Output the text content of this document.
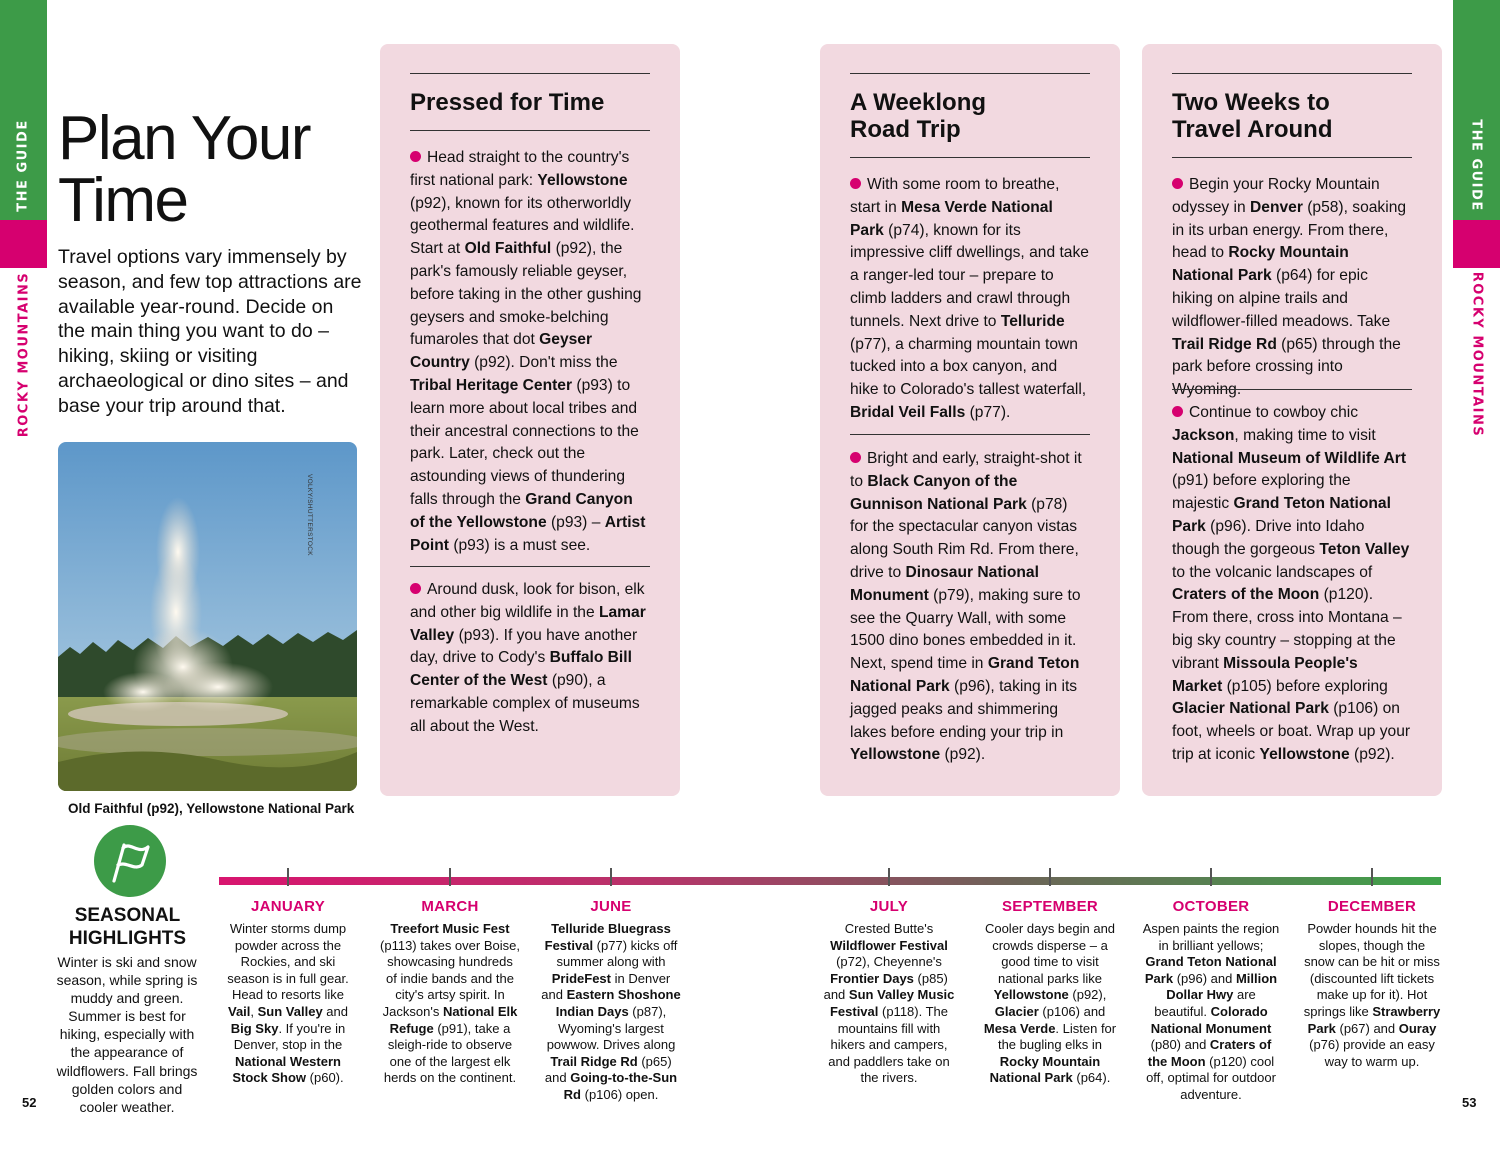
THE GUIDE
ROCKY MOUNTAINS
THE GUIDE
ROCKY MOUNTAINS
Plan Your
Time

Travel options vary immensely by season, and few top attractions are available year-round. Decide on the main thing you want to do – hiking, skiing or visiting archaeological or dino sites – and base your trip around that.

VOLKY/SHUTTERSTOCK
Old Faithful (p92), Yellowstone National Park
Pressed for Time

Head straight to the country's first national park: Yellowstone (p92), known for its otherworldly geothermal features and wildlife. Start at Old Faithful (p92), the park's famously reliable geyser, before taking in the other gushing geysers and smoke-belching fumaroles that dot Geyser Country (p92). Don't miss the Tribal Heritage Center (p93) to learn more about local tribes and their ancestral connections to the park. Later, check out the astounding views of thundering falls through the Grand Canyon of the Yellowstone (p93) – Artist Point (p93) is a must see.

Around dusk, look for bison, elk and other big wildlife in the Lamar Valley (p93). If you have another day, drive to Cody's Buffalo Bill Center of the West (p90), a remarkable complex of museums all about the West.

A Weeklong
Road Trip

With some room to breathe, start in Mesa Verde National Park (p74), known for its impressive cliff dwellings, and take a ranger-led tour – prepare to climb ladders and crawl through tunnels. Next drive to Telluride (p77), a charming mountain town tucked into a box canyon, and hike to Colorado's tallest waterfall, Bridal Veil Falls (p77).

Bright and early, straight-shot it to Black Canyon of the Gunnison National Park (p78) for the spectacular canyon vistas along South Rim Rd. From there, drive to Dinosaur National Monument (p79), making sure to see the Quarry Wall, with some 1500 dino bones embedded in it. Next, spend time in Grand Teton National Park (p96), taking in its jagged peaks and shimmering lakes before ending your trip in Yellowstone (p92).

Two Weeks to
Travel Around

Begin your Rocky Mountain odyssey in Denver (p58), soaking in its urban energy. From there, head to Rocky Mountain National Park (p64) for epic hiking on alpine trails and wildflower-filled meadows. Take Trail Ridge Rd (p65) through the park before crossing into Wyoming.

Continue to cowboy chic Jackson, making time to visit National Museum of Wildlife Art (p91) before exploring the majestic Grand Teton National Park (p96). Drive into Idaho though the gorgeous Teton Valley to the volcanic landscapes of Craters of the Moon (p120). From there, cross into Montana – big sky country – stopping at the vibrant Missoula People's Market (p105) before exploring Glacier National Park (p106) on foot, wheels or boat. Wrap up your trip at iconic Yellowstone (p92).

SEASONAL
HIGHLIGHTS
Winter is ski and snow season, while spring is muddy and green. Summer is best for hiking, especially with the appearance of wildflowers. Fall brings golden colors and cooler weather.
JANUARY
Winter storms dump powder across the Rockies, and ski season is in full gear. Head to resorts like Vail, Sun Valley and Big Sky. If you're in Denver, stop in the National Western Stock Show (p60).
MARCH
Treefort Music Fest (p113) takes over Boise, showcasing hundreds of indie bands and the city's artsy spirit. In Jackson's National Elk Refuge (p91), take a sleigh-ride to observe one of the largest elk herds on the continent.
JUNE
Telluride Bluegrass Festival (p77) kicks off summer along with PrideFest in Denver and Eastern Shoshone Indian Days (p87), Wyoming's largest powwow. Drives along Trail Ridge Rd (p65) and Going-to-the-Sun Rd (p106) open.
JULY
Crested Butte's Wildflower Festival (p72), Cheyenne's Frontier Days (p85) and Sun Valley Music Festival (p118). The mountains fill with hikers and campers, and paddlers take on the rivers.
SEPTEMBER
Cooler days begin and crowds disperse – a good time to visit national parks like Yellowstone (p92), Glacier (p106) and Mesa Verde. Listen for the bugling elks in Rocky Mountain National Park (p64).
OCTOBER
Aspen paints the region in brilliant yellows; Grand Teton National Park (p96) and Million Dollar Hwy are beautiful. Colorado National Monument (p80) and Craters of the Moon (p120) cool off, optimal for outdoor adventure.
DECEMBER
Powder hounds hit the slopes, though the snow can be hit or miss (discounted lift tickets make up for it). Hot springs like Strawberry Park (p67) and Ouray (p76) provide an easy way to warm up.
52	53
